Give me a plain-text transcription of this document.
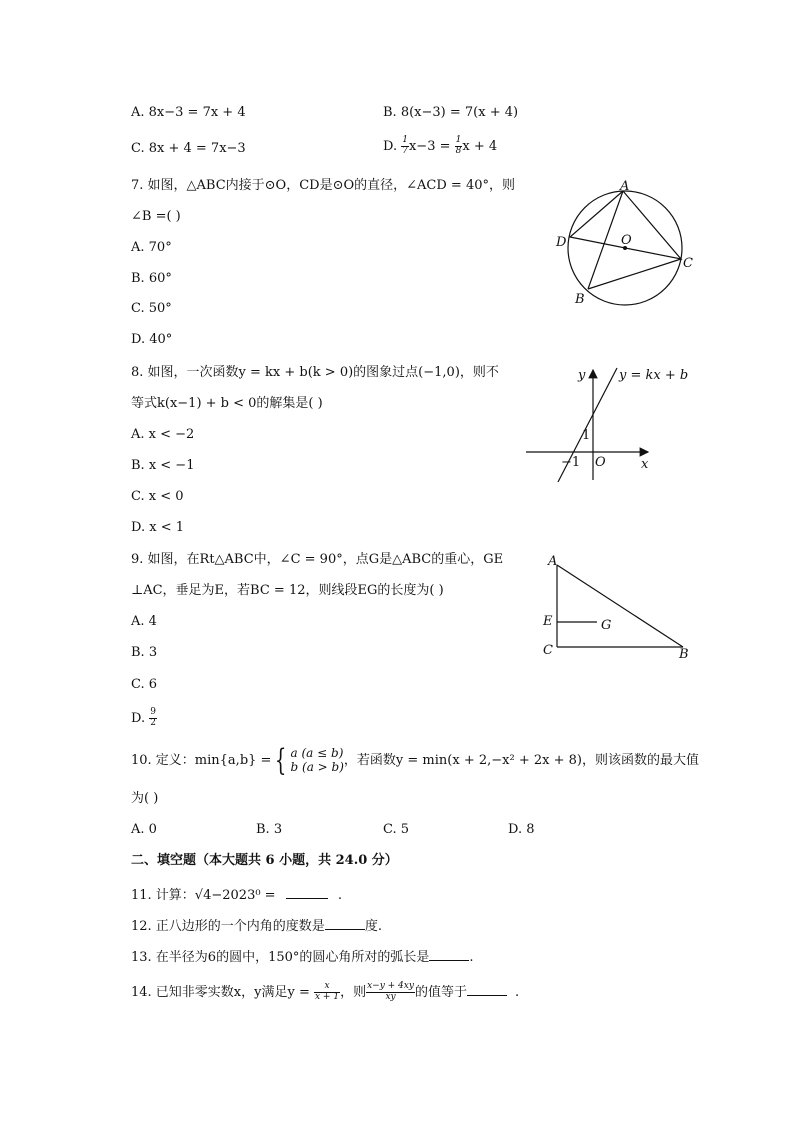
A. 8x−3 = 7x + 4	B. 8(x−3) = 7(x + 4)
C. 8x + 4 = 7x−3	D. $\frac{1}{7} x-3 = \frac{1}{8}$ x + 4
7. 如图，△ABC内接于⊙O，CD是⊙O的直径，∠ACD = 40°，则
∠B =( )
A. 70°
B. 60°
C. 50°
D. 40°
A
D	O
C
B
8. 如图，一次函数y = kx + b(k > 0)的图象过点(−1,0)，则不
等式k(x−1) + b < 0的解集是( )
A. x < −2
B. x < −1
C. x < 0
D. x < 1
y
x
y = kx + b
1
−1 O
9. 如图，在Rt△ABC中，∠C = 90°，点G是△ABC的重心，GE
⊥AC，垂足为E，若BC = 12，则线段EG的长度为( )
A. 4
B. 3
C. 6
D. $\frac{9}{2}$
A
E	G
C	B
10. 定义：min{a,b} = { a (a ≤ b)
b (a > b) ，若函数y = min(x + 2,−x² + 2x + 8)，则该函数的最大值
为( )
A. 0	B. 3	C. 5	D. 8
二、填空题（本大题共 6 小题，共 24.0 分）
11. 计算：√4−2023⁰ =	.
12. 正八边形的一个内角的度数是	度.
13. 在半径为6的圆中，150°的圆心角所对的弧长是	.
14. 已知非零实数x，y满足$y = \frac{x}{x + 1}$ ，则 $\frac{x-y + 4xy}{xy}$ 的值等于	.
